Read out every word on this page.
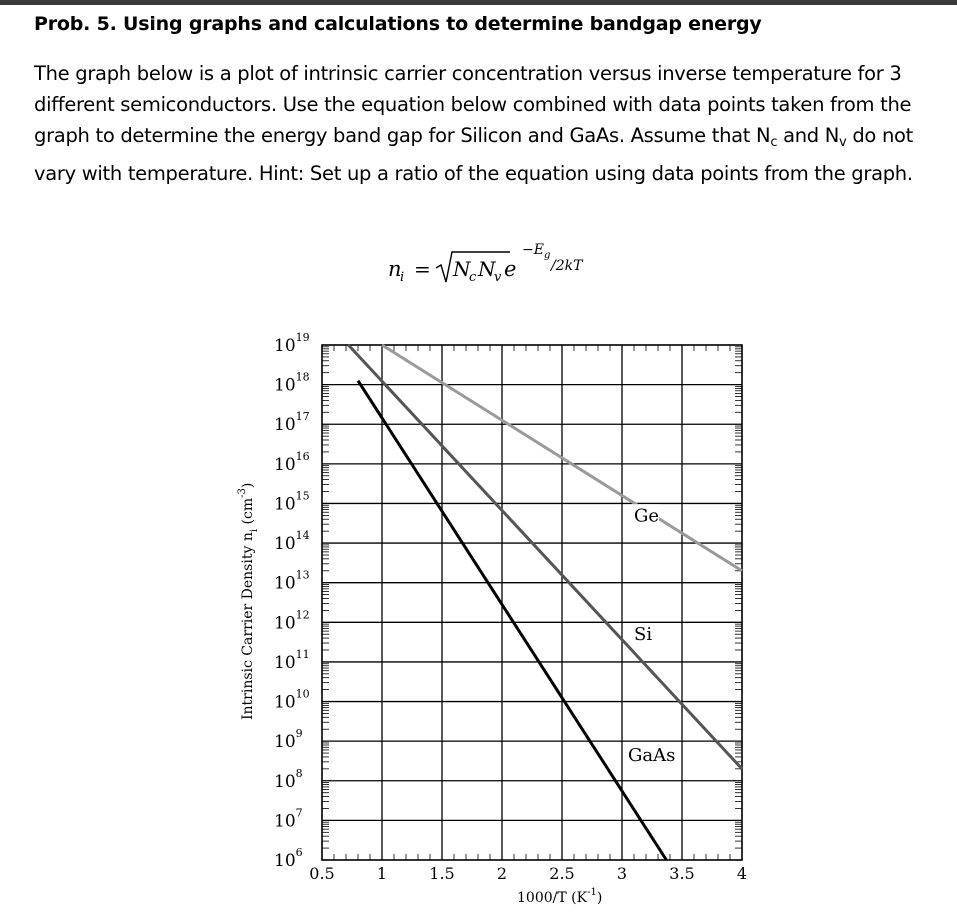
Prob. 5. Using graphs and calculations to determine bandgap energy

The graph below is a plot of intrinsic carrier concentration versus inverse temperature for 3

different semiconductors. Use the equation below combined with data points taken from the

graph to determine the energy band gap for Silicon and GaAs. Assume that $N_c$ and $N_v$ do not

vary with temperature. Hint: Set up a ratio of the equation using data points from the graph.

n
i = N
c N
v e
−E g
/2kT
Ge
Si
GaAs
$10^{19}$
$10^{18}$
$10^{17}$
$10^{16}$
$10^{15}$
$10^{14}$
$10^{13}$
$10^{12}$
$10^{11}$
$10^{10}$
$10^9$
$10^8$
$10^7$
$10^6$
0.5	1	1.5	2	2.5	3	3.5	4
1000/T $(K^{-1})$
Intrinsic Carrier Density $n_i$ $(cm^{-3})$
